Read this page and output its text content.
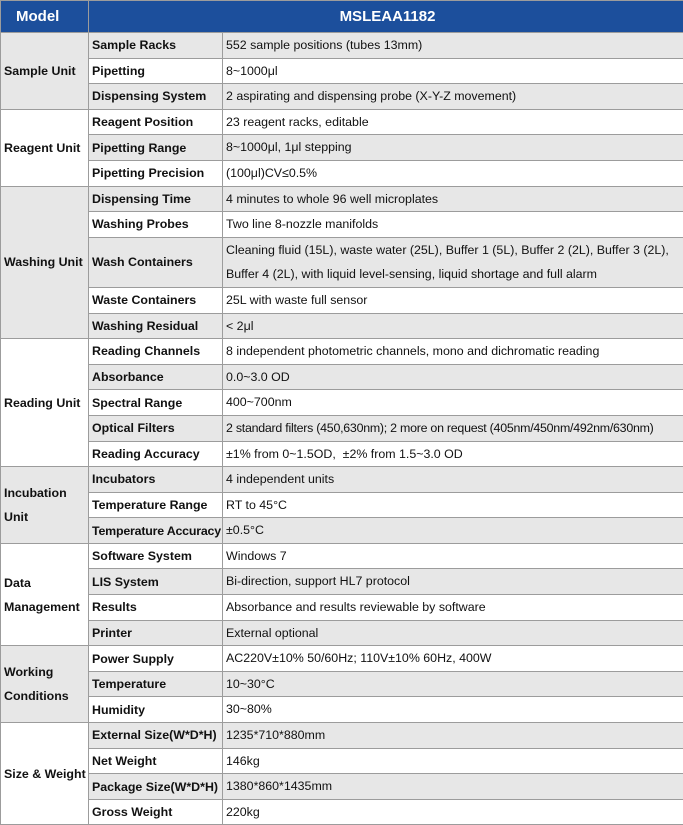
Model	MSLEAA1182	
Sample Unit	Sample Racks	552 sample positions (tubes 13mm)
	Pipetting	8~1000μl
	Dispensing System	2 aspirating and dispensing probe (X-Y-Z movement)
Reagent Unit	Reagent Position	23 reagent racks, editable
	Pipetting Range	8~1000μl, 1μl stepping
	Pipetting Precision	(100μl)CV≤0.5%
Washing Unit	Dispensing Time	4 minutes to whole 96 well microplates
	Washing Probes	Two line 8-nozzle manifolds
	Wash Containers	Cleaning fluid (15L), waste water (25L), Buffer 1 (5L), Buffer 2 (2L), Buffer 3 (2L), Buffer 4 (2L), with liquid level-sensing, liquid shortage and full alarm
	Waste Containers	25L with waste full sensor
	Washing Residual	< 2μl
Reading Unit	Reading Channels	8 independent photometric channels, mono and dichromatic reading
	Absorbance	0.0~3.0 OD
	Spectral Range	400~700nm
	Optical Filters	2 standard filters (450,630nm); 2 more on request (405nm/450nm/492nm/630nm)
	Reading Accuracy	±1% from 0~1.5OD,  ±2% from 1.5~3.0 OD
Incubation Unit	Incubators	4 independent units
	Temperature Range	RT to 45°C
	Temperature Accuracy	±0.5°C
Data Management	Software System	Windows 7
	LIS System	Bi-direction, support HL7 protocol
	Results	Absorbance and results reviewable by software
	Printer	External optional
Working Conditions	Power Supply	AC220V±10% 50/60Hz; 110V±10% 60Hz, 400W
	Temperature	10~30°C
	Humidity	30~80%
Size & Weight	External Size(W*D*H)	1235*710*880mm
	Net Weight	146kg
	Package Size(W*D*H)	1380*860*1435mm
	Gross Weight	220kg
